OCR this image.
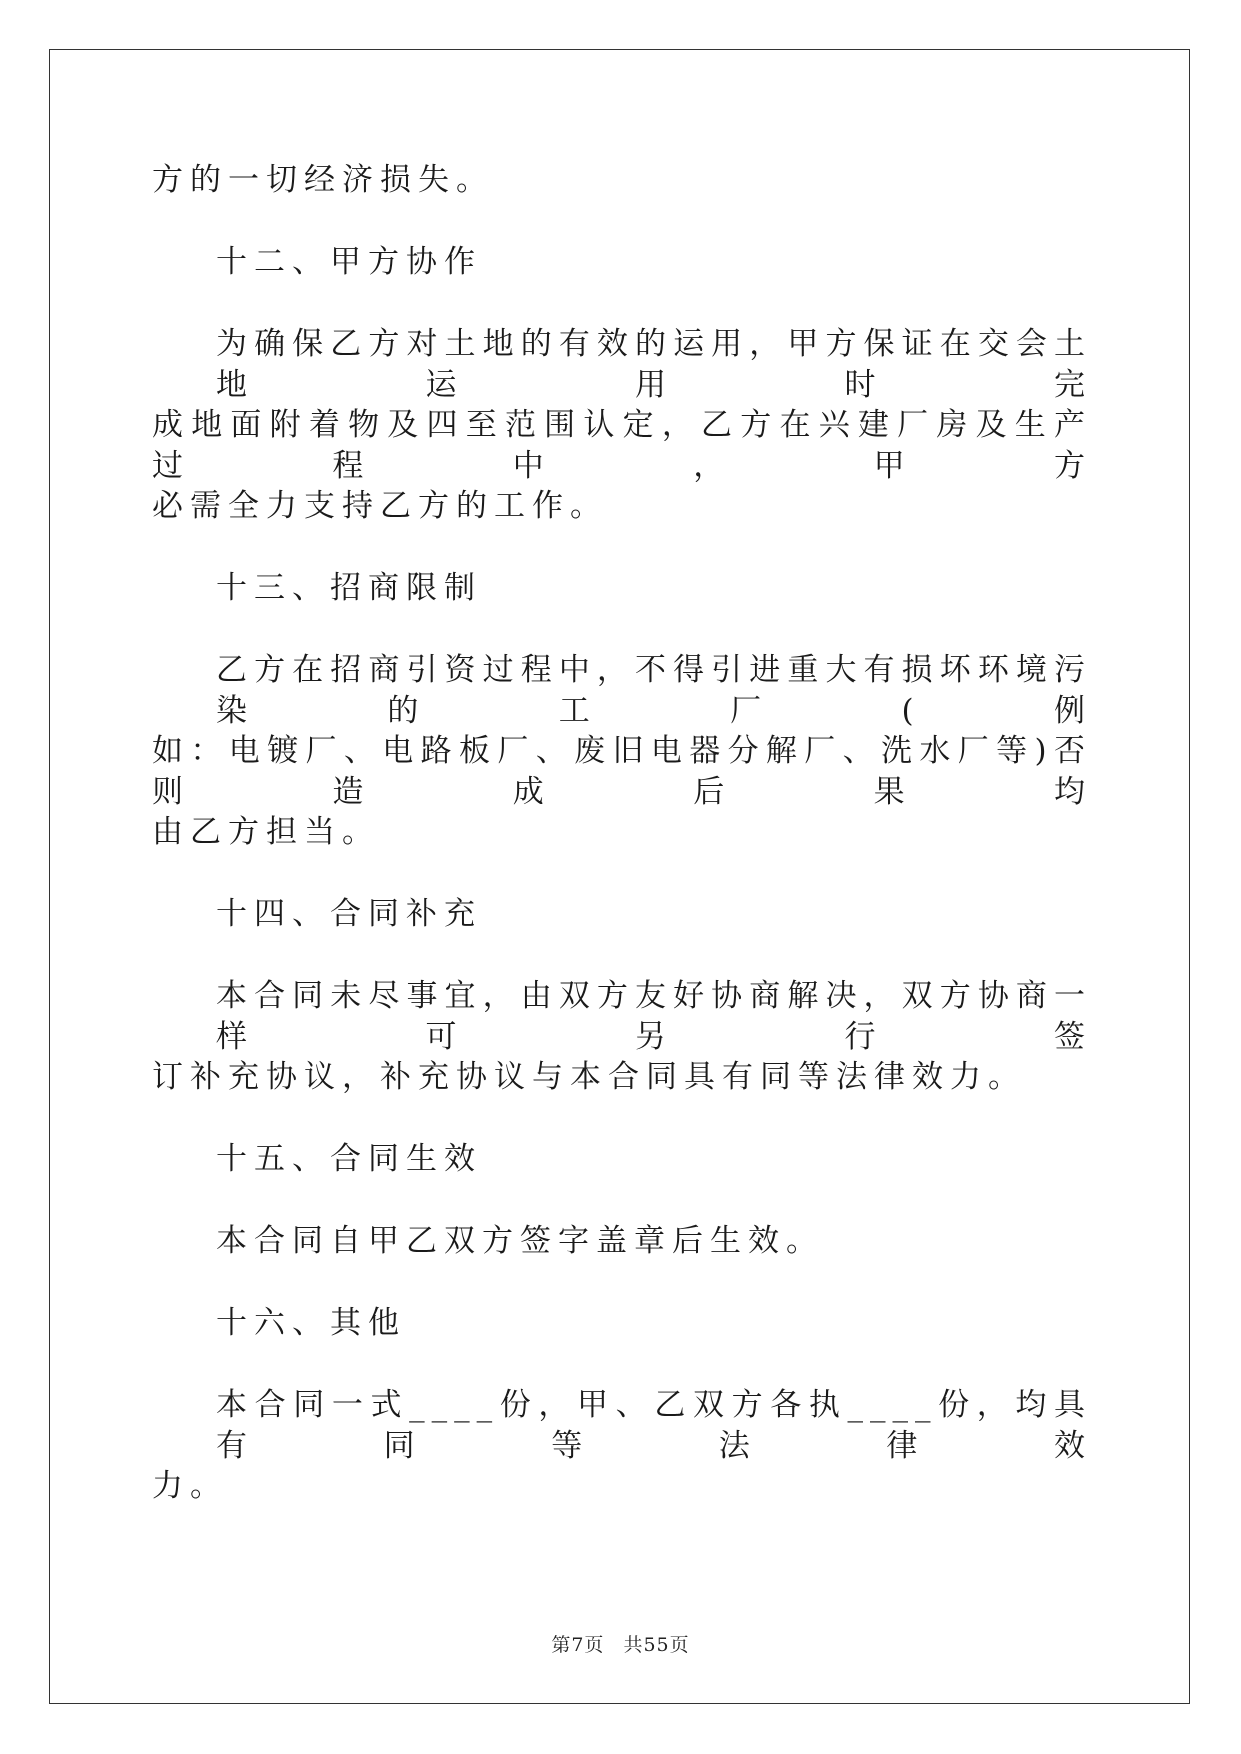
方的一切经济损失。

十二、甲方协作

为确保乙方对土地的有效的运用，甲方保证在交会土地运用时完

成地面附着物及四至范围认定，乙方在兴建厂房及生产过程中，甲方

必需全力支持乙方的工作。

十三、招商限制

乙方在招商引资过程中，不得引进重大有损坏环境污染的工厂(例

如：电镀厂、电路板厂、废旧电器分解厂、洗水厂等)否则造成后果均

由乙方担当。

十四、合同补充

本合同未尽事宜，由双方友好协商解决，双方协商一样可另行签

订补充协议，补充协议与本合同具有同等法律效力。

十五、合同生效

本合同自甲乙双方签字盖章后生效。

十六、其他

本合同一式____份，甲、乙双方各执____份，均具有同等法律效

力。

第7页 共55页
